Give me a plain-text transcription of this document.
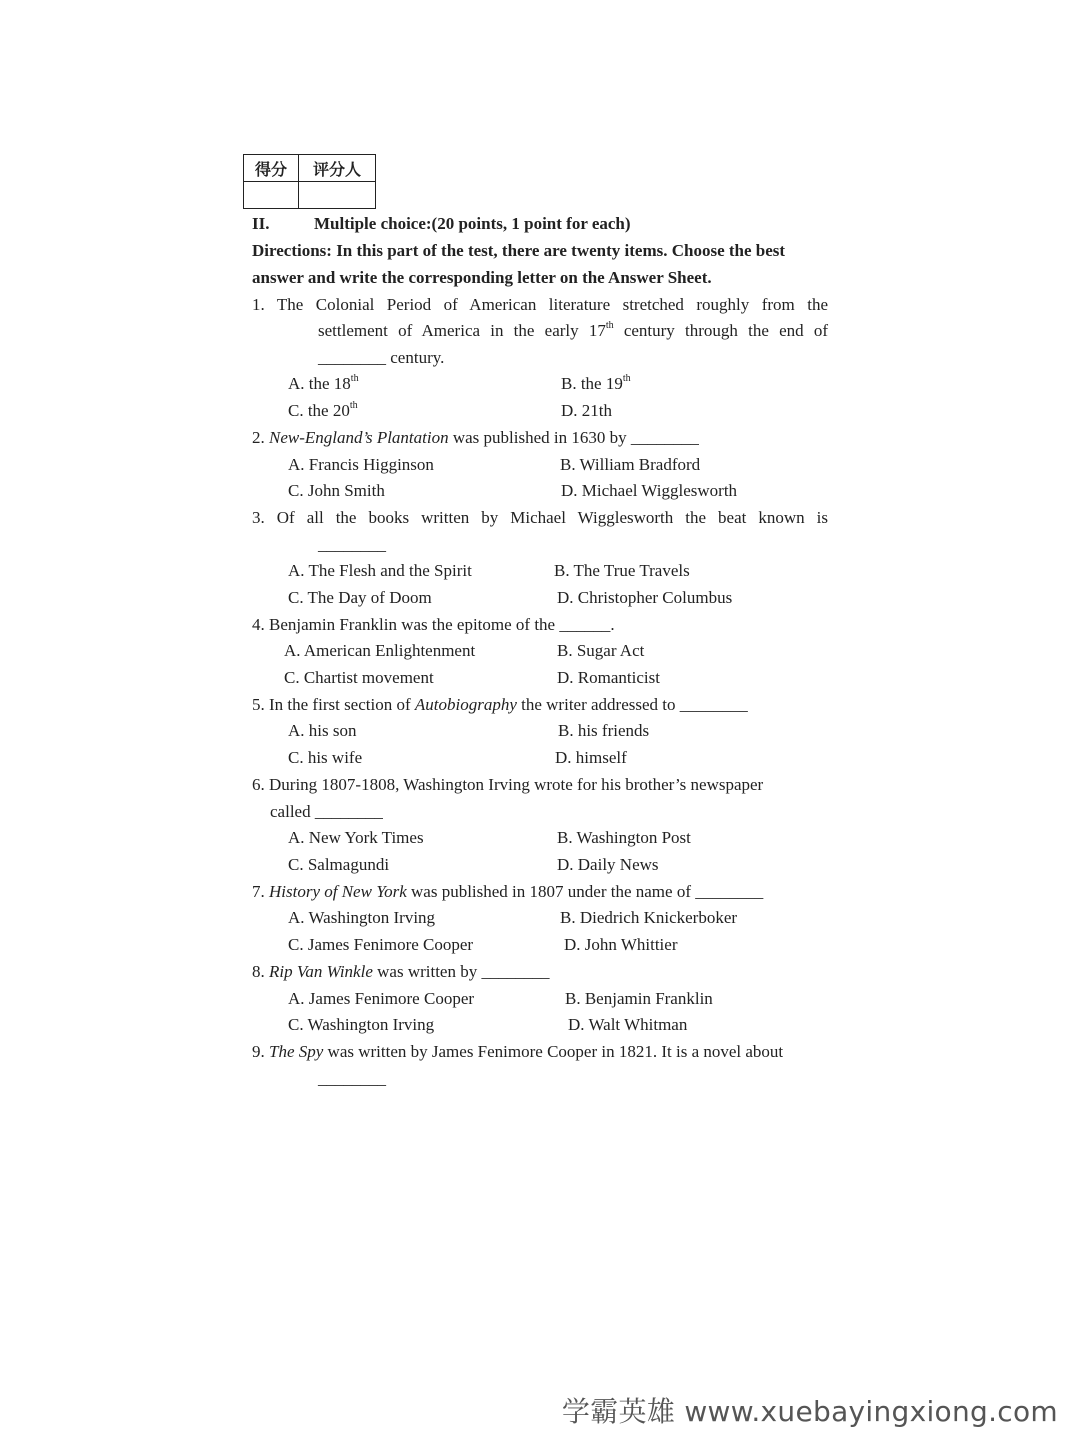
得分	评分人

II.	Multiple choice:(20 points, 1 point for each)
Directions: In this part of the test, there are twenty items. Choose the best
answer and write the corresponding letter on the Answer Sheet.
1. The Colonial Period of American literature stretched roughly from the
settlement of America in the early 17th century through the end of
________ century.
A. the 18th	B. the 19th
C. the 20th	D. 21th
2. New-England’s Plantation was published in 1630 by ________
A. Francis Higginson	B. William Bradford
C. John Smith	D. Michael Wigglesworth
3. Of all the books written by Michael Wigglesworth the beat known is
________
A. The Flesh and the Spirit	B. The True Travels
C. The Day of Doom	D. Christopher Columbus
4. Benjamin Franklin was the epitome of the ______.
A. American Enlightenment	B. Sugar Act
C. Chartist movement	D. Romanticist
5. In the first section of Autobiography the writer addressed to ________
A. his son	B. his friends
C. his wife	D. himself
6. During 1807-1808, Washington Irving wrote for his brother’s newspaper
called ________
A. New York Times	B. Washington Post
C. Salmagundi	D. Daily News
7. History of New York was published in 1807 under the name of ________
A. Washington Irving	B. Diedrich Knickerboker
C. James Fenimore Cooper	D. John Whittier
8. Rip Van Winkle was written by ________
A. James Fenimore Cooper	B. Benjamin Franklin
C. Washington Irving	D. Walt Whitman
9. The Spy was written by James Fenimore Cooper in 1821. It is a novel about
________
学霸英雄 www.xuebayingxiong.com
